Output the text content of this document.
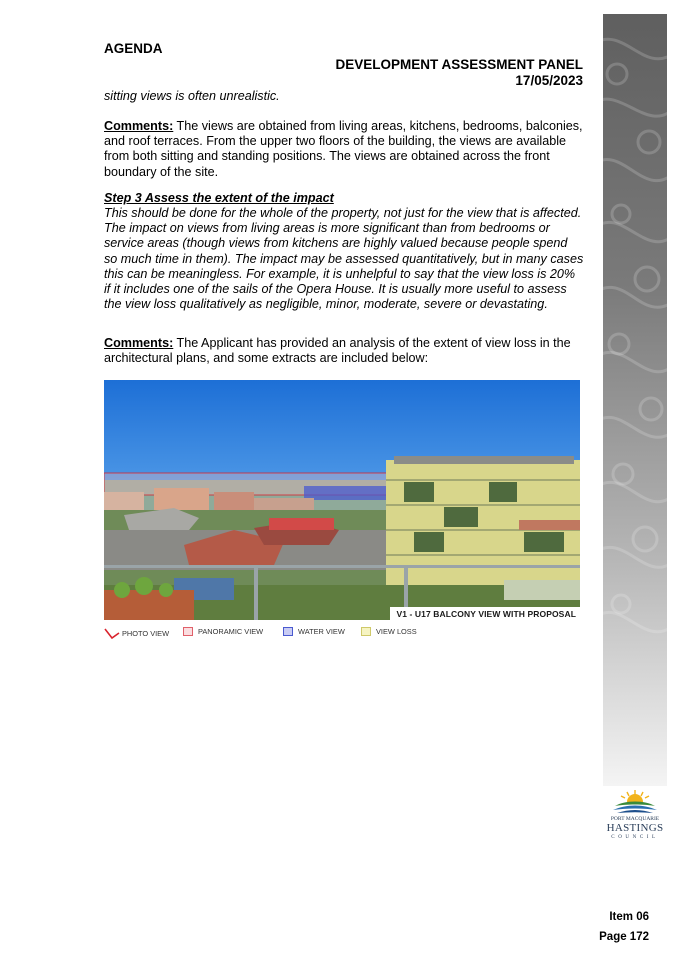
AGENDA
DEVELOPMENT ASSESSMENT PANEL
17/05/2023
sitting views is often unrealistic.
Comments: The views are obtained from living areas, kitchens, bedrooms, balconies, and roof terraces. From the upper two floors of the building, the views are available from both sitting and standing positions. The views are obtained across the front boundary of the site.
Step 3 Assess the extent of the impact
This should be done for the whole of the property, not just for the view that is affected. The impact on views from living areas is more significant than from bedrooms or service areas (though views from kitchens are highly valued because people spend so much time in them). The impact may be assessed quantitatively, but in many cases this can be meaningless. For example, it is unhelpful to say that the view loss is 20% if it includes one of the sails of the Opera House. It is usually more useful to assess the view loss qualitatively as negligible, minor, moderate, severe or devastating.
Comments: The Applicant has provided an analysis of the extent of view loss in the architectural plans, and some extracts are included below:
V1 - U17 BALCONY VIEW WITH PROPOSAL
PHOTO VIEW	PANORAMIC VIEW	WATER VIEW	VIEW LOSS
PORT MACQUARIE
HASTINGS
COUNCIL
Item 06
Page 172
